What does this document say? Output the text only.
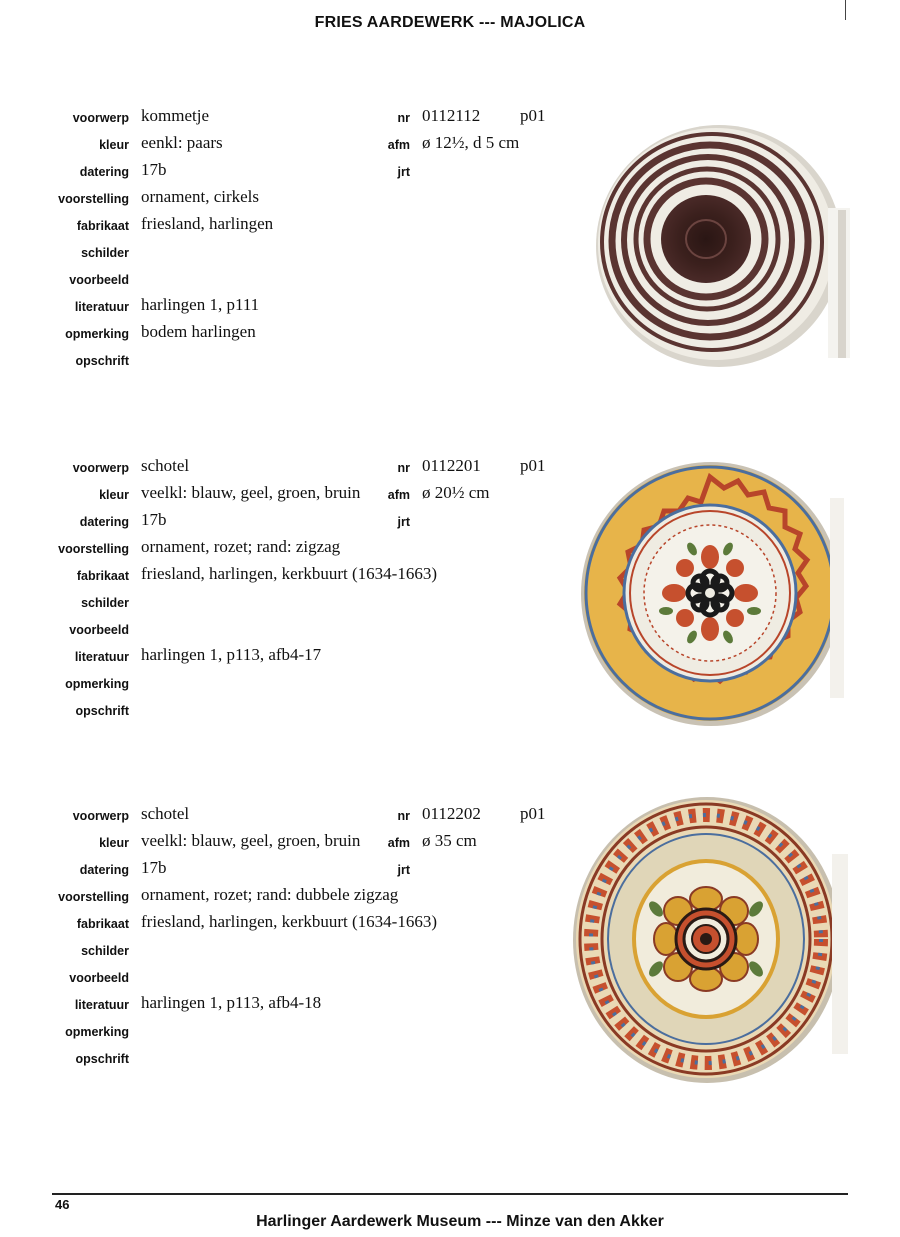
FRIES AARDEWERK --- MAJOLICA
voorwerp kommetje
kleur eenkl: paars
datering 17b
voorstelling ornament, cirkels
fabrikaat friesland, harlingen
schilder
voorbeeld
literatuur harlingen 1, p111
opmerking bodem harlingen
opschrift
nr 0112112 p01
afm ø 12½, d 5 cm
jrt
voorwerp schotel
kleur veelkl: blauw, geel, groen, bruin
datering 17b
voorstelling ornament, rozet; rand: zigzag
fabrikaat friesland, harlingen, kerkbuurt (1634-1663)
schilder
voorbeeld
literatuur harlingen 1, p113, afb4-17
opmerking
opschrift
nr 0112201 p01
afm ø 20½ cm
jrt
voorwerp schotel
kleur veelkl: blauw, geel, groen, bruin
datering 17b
voorstelling ornament, rozet; rand: dubbele zigzag
fabrikaat friesland, harlingen, kerkbuurt (1634-1663)
schilder
voorbeeld
literatuur harlingen 1, p113, afb4-18
opmerking
opschrift
nr 0112202 p01
afm ø 35 cm
jrt
46
Harlinger Aardewerk Museum --- Minze van den Akker
